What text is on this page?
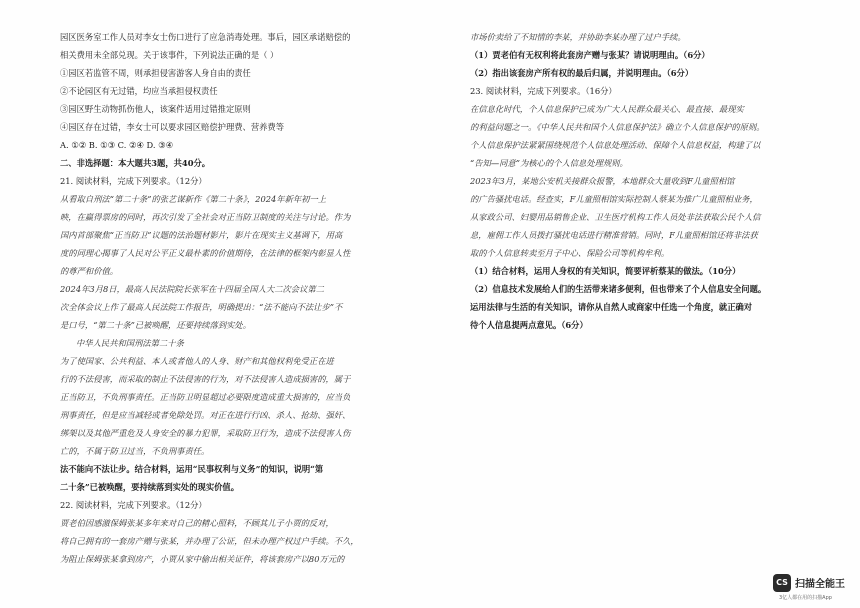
园区医务室工作人员对李女士伤口进行了应急消毒处理。事后，园区承诺赔偿的
相关费用未全部兑现。关于该事件，下列说法正确的是（ ）
①园区若监管不周，则承担侵害游客人身自由的责任
②不论园区有无过错，均应当承担侵权责任
③园区野生动物抓伤他人，该案件适用过错推定原则
④园区存在过错，李女士可以要求园区赔偿护理费、营养费等
A. ①② B. ①③ C. ②④ D. ③④
二、非选择题：本大题共3题，共40分。
21. 阅读材料，完成下列要求。（12分）
从看取自刑法“第二十条”的张艺谋新作《第二十条》，2024年新年初一上
映，在赢得票房的同时，再次引发了全社会对正当防卫制度的关注与讨论。作为
国内首部聚焦“正当防卫”议题的法治题材影片，影片在现实主义基调下，用高
度的同理心揭事了人民对公平正义最朴素的价值期待，在法律的框架内彰显人性
的尊严和价值。
2024年3月8日，最高人民法院院长张军在十四届全国人大二次会议第二
次全体会议上作了最高人民法院工作报告，明确提出：“法不能向不法让步”不
是口号，“第二十条”已被唤醒，还要持续落到实处。
中华人民共和国刑法第二十条
为了使国家、公共利益、本人或者他人的人身、财产和其他权利免受正在进
行的不法侵害，而采取的制止不法侵害的行为，对不法侵害人造成损害的，属于
正当防卫，不负刑事责任。正当防卫明显超过必要限度造成重大损害的，应当负
刑事责任，但是应当减轻或者免除处罚。对正在进行行凶、杀人、抢劫、强奸、
绑架以及其他严重危及人身安全的暴力犯罪，采取防卫行为，造成不法侵害人伤
亡的，不属于防卫过当，不负刑事责任。
法不能向不法让步。结合材料，运用“民事权利与义务”的知识，说明“第
二十条”已被唤醒，要持续落到实处的现实价值。
22. 阅读材料，完成下列要求。（12分）
贾老伯因感激保姆张某多年来对自己的精心照料，不顾其儿子小贾的反对，
将自己拥有的一套房产赠与张某，并办理了公证，但未办理产权过户手续。不久，
为阻止保姆张某拿到房产，小贾从家中偷出相关证件，将该套房产以80万元的
市场价卖给了不知情的李某，并协助李某办理了过户手续。
（1）贾老伯有无权利将此套房产赠与张某？请说明理由。（6分）
（2）指出该套房产所有权的最后归属，并说明理由。（6分）
23. 阅读材料，完成下列要求。（16分）
在信息化时代，个人信息保护已成为广大人民群众最关心、最直接、最现实
的利益问题之一。《中华人民共和国个人信息保护法》确立个人信息保护的原则。
个人信息保护法紧紧围绕规范个人信息处理活动、保障个人信息权益，构建了以
“告知—同意”为核心的个人信息处理规则。
2023年3月，某地公安机关接群众报警，本地群众大量收到F儿童照相馆
的广告骚扰电话。经查实，F儿童照相馆实际控制人蔡某为推广儿童照相业务，
从家政公司、妇婴用品销售企业、卫生医疗机构工作人员处非法获取公民个人信
息，雇佣工作人员拨打骚扰电话进行精准营销。同时，F儿童照相馆还将非法获
取的个人信息转卖至月子中心、保险公司等机构牟利。
（1）结合材料，运用人身权的有关知识，简要评析蔡某的做法。（10分）
（2）信息技术发展给人们的生活带来诸多便利，但也带来了个人信息安全问题。
运用法律与生活的有关知识，请你从自然人或商家中任选一个角度，就正确对
待个人信息提两点意见。（6分）
CS 扫描全能王
3亿人都在用的扫描App
